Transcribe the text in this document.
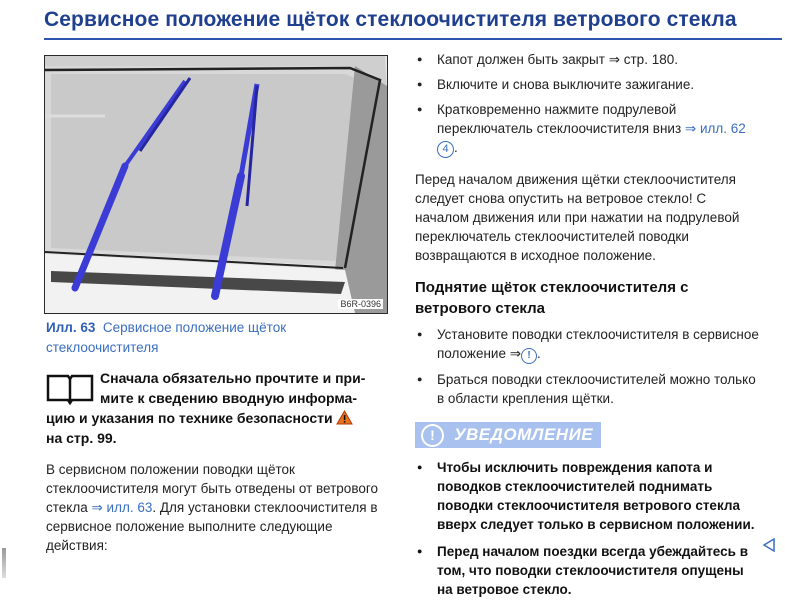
Сервисное положение щёток стеклоочистителя ветрового стекла
B6R-0396
Илл. 63 Сервисное положение щёток стеклоочистителя
Сначала обязательно прочтите и при-
мите к сведению вводную информа-
цию и указания по технике безопасности
на стр. 99.
В сервисном положении поводки щёток стеклоочистителя могут быть отведены от ветрового стекла ⇒ илл. 63. Для установки стеклоочистителя в сервисное положение выполните следующие действия:
● Капот должен быть закрыт ⇒ стр. 180.
● Включите и снова выключите зажигание.
● Кратковременно нажмите подрулевой переключатель стеклоочистителя вниз ⇒ илл. 62 4 .
Перед началом движения щётки стеклоочистителя следует снова опустить на ветровое стекло! С началом движения или при нажатии на подрулевой переключатель стеклоочистителей поводки возвращаются в исходное положение.
Поднятие щёток стеклоочистителя с ветрового стекла
● Установите поводки стеклоочистителя в сервисное положение ⇒ ! .
● Браться поводки стеклоочистителей можно только в области крепления щётки.
!	УВЕДОМЛЕНИЕ
● Чтобы исключить повреждения капота и поводков стеклоочистителей поднимать поводки стеклоочистителя ветрового стекла вверх следует только в сервисном положении.
● Перед началом поездки всегда убеждайтесь в том, что поводки стеклоочистителя опущены на ветровое стекло.
